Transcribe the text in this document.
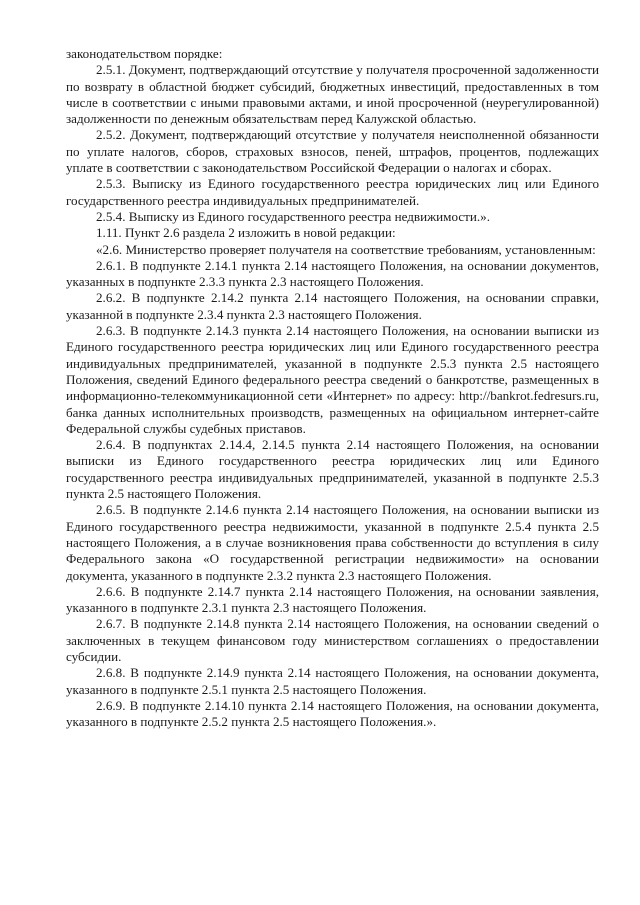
законодательством порядке:

2.5.1. Документ, подтверждающий отсутствие у получателя просроченной задолженности по возврату в областной бюджет субсидий, бюджетных инвестиций, предоставленных в том числе в соответствии с иными правовыми актами, и иной просроченной (неурегулированной) задолженности по денежным обязательствам перед Калужской областью.

2.5.2. Документ, подтверждающий отсутствие у получателя неисполненной обязанности по уплате налогов, сборов, страховых взносов, пеней, штрафов, процентов, подлежащих уплате в соответствии с законодательством Российской Федерации о налогах и сборах.

2.5.3. Выписку из Единого государственного реестра юридических лиц или Единого государственного реестра индивидуальных предпринимателей.

2.5.4. Выписку из Единого государственного реестра недвижимости.».

1.11. Пункт 2.6 раздела 2 изложить в новой редакции:

«2.6. Министерство проверяет получателя на соответствие требованиям, установленным:

2.6.1. В подпункте 2.14.1 пункта 2.14 настоящего Положения, на основании документов, указанных в подпункте 2.3.3 пункта 2.3 настоящего Положения.

2.6.2. В подпункте 2.14.2 пункта 2.14 настоящего Положения, на основании справки, указанной в подпункте 2.3.4 пункта 2.3 настоящего Положения.

2.6.3. В подпункте 2.14.3 пункта 2.14 настоящего Положения, на основании выписки из Единого государственного реестра юридических лиц или Единого государственного реестра индивидуальных предпринимателей, указанной в подпункте 2.5.3 пункта 2.5 настоящего Положения, сведений Единого федерального реестра сведений о банкротстве, размещенных в информационно-телекоммуникационной сети «Интернет» по адресу: http://bankrot.fedresurs.ru, банка данных исполнительных производств, размещенных на официальном интернет-сайте Федеральной службы судебных приставов.

2.6.4. В подпунктах 2.14.4, 2.14.5 пункта 2.14 настоящего Положения, на основании выписки из Единого государственного реестра юридических лиц или Единого государственного реестра индивидуальных предпринимателей, указанной в подпункте 2.5.3 пункта 2.5 настоящего Положения.

2.6.5. В подпункте 2.14.6 пункта 2.14 настоящего Положения, на основании выписки из Единого государственного реестра недвижимости, указанной в подпункте 2.5.4 пункта 2.5 настоящего Положения, а в случае возникновения права собственности до вступления в силу Федерального закона «О государственной регистрации недвижимости» на основании документа, указанного в подпункте 2.3.2 пункта 2.3 настоящего Положения.

2.6.6. В подпункте 2.14.7 пункта 2.14 настоящего Положения, на основании заявления, указанного в подпункте 2.3.1 пункта 2.3 настоящего Положения.

2.6.7. В подпункте 2.14.8 пункта 2.14 настоящего Положения, на основании сведений о заключенных в текущем финансовом году министерством соглашениях о предоставлении субсидии.

2.6.8. В подпункте 2.14.9 пункта 2.14 настоящего Положения, на основании документа, указанного в подпункте 2.5.1 пункта 2.5 настоящего Положения.

2.6.9. В подпункте 2.14.10 пункта 2.14 настоящего Положения, на основании документа, указанного в подпункте 2.5.2 пункта 2.5 настоящего Положения.».
